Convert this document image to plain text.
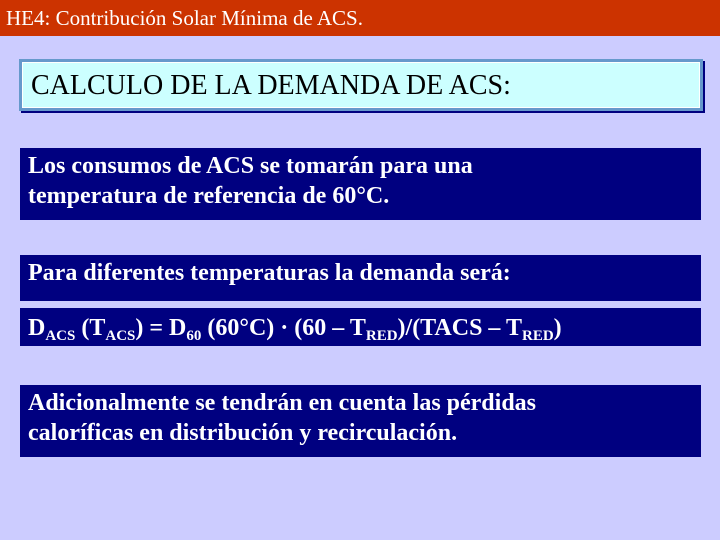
HE4: Contribución Solar Mínima de ACS.
CALCULO DE LA DEMANDA DE ACS:
Los consumos de ACS se tomarán para una
temperatura de referencia de 60°C.
Para diferentes temperaturas la demanda será:
$D_{ACS}$ $(T_{ACS}) = D_{60}$ $(60^\circ C) \cdot (60 - T_{RED})/(TACS - T_{RED})$
Adicionalmente se tendrán en cuenta las pérdidas
caloríficas en distribución y recirculación.
